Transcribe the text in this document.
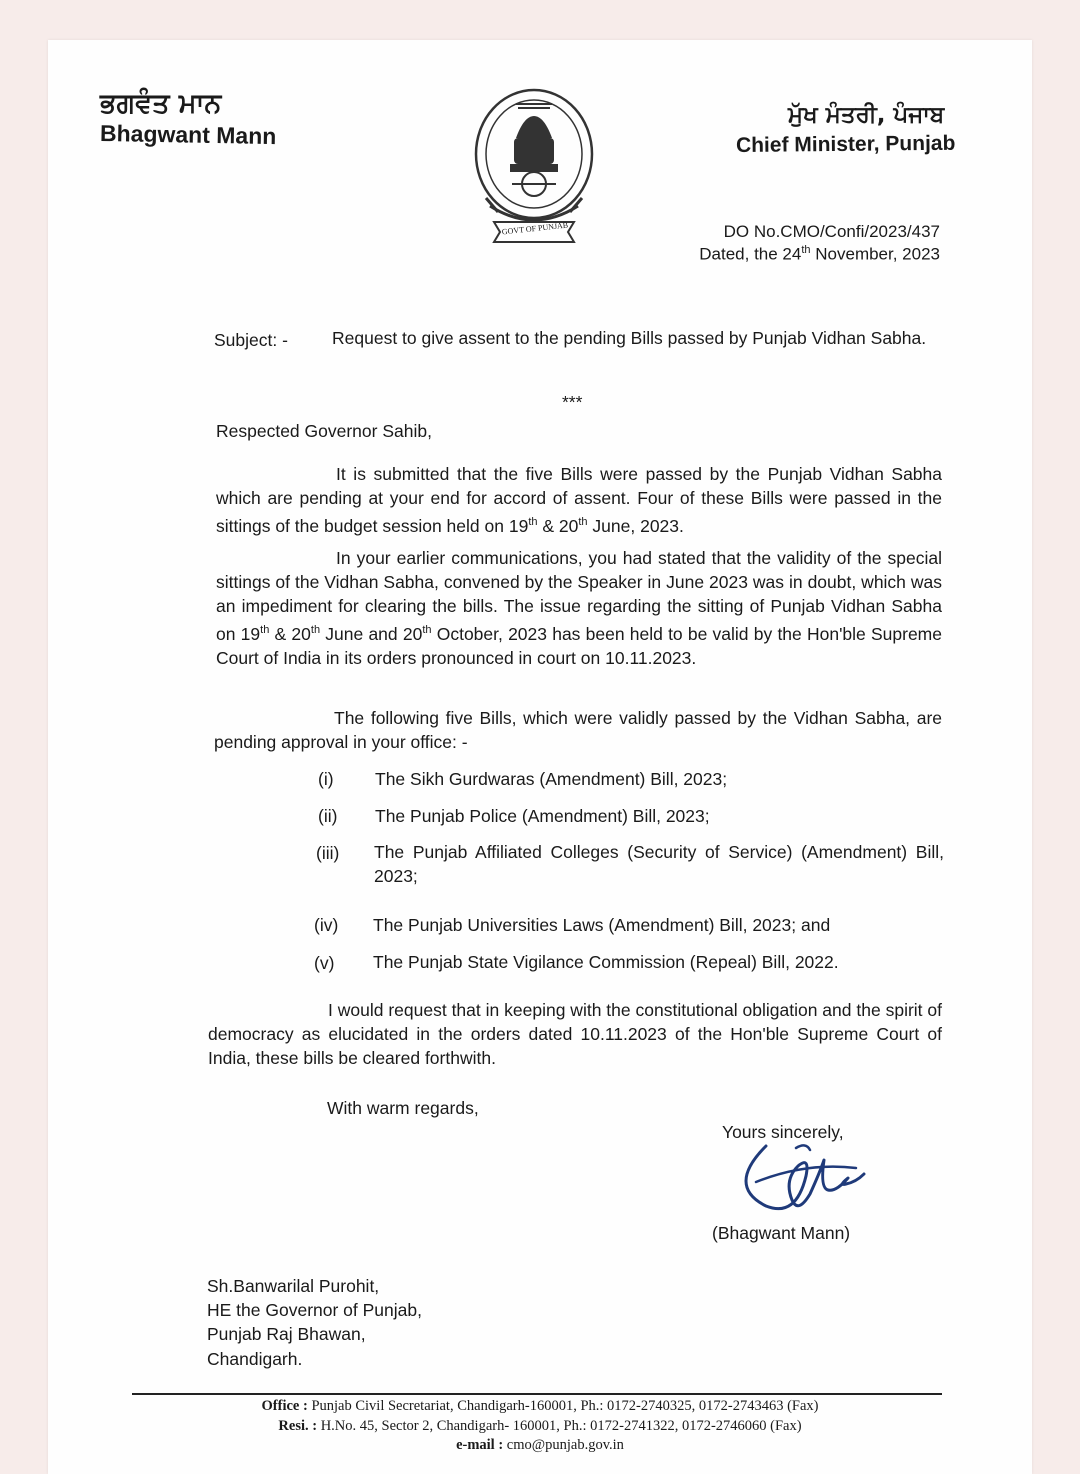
ਭਗਵੰਤ ਮਾਨ
Bhagwant Mann
GOVT OF PUNJAB
ਮੁੱਖ ਮੰਤਰੀ, ਪੰਜਾਬ
Chief Minister, Punjab
DO No.CMO/Confi/2023/437
Dated, the 24th November, 2023
Subject: -	Request to give assent to the pending Bills passed by Punjab Vidhan Sabha.
***
Respected Governor Sahib,
It is submitted that the five Bills were passed by the Punjab Vidhan Sabha which are pending at your end for accord of assent. Four of these Bills were passed in the sittings of the budget session held on 19th & 20th June, 2023.
In your earlier communications, you had stated that the validity of the special sittings of the Vidhan Sabha, convened by the Speaker in June 2023 was in doubt, which was an impediment for clearing the bills. The issue regarding the sitting of Punjab Vidhan Sabha on 19th & 20th June and 20th October, 2023 has been held to be valid by the Hon'ble Supreme Court of India in its orders pronounced in court on 10.11.2023.
The following five Bills, which were validly passed by the Vidhan Sabha, are pending approval in your office: -
(i) The Sikh Gurdwaras (Amendment) Bill, 2023;
(ii) The Punjab Police (Amendment) Bill, 2023;
(iii) The Punjab Affiliated Colleges (Security of Service) (Amendment) Bill, 2023;
(iv) The Punjab Universities Laws (Amendment) Bill, 2023; and
(v) The Punjab State Vigilance Commission (Repeal) Bill, 2022.
I would request that in keeping with the constitutional obligation and the spirit of democracy as elucidated in the orders dated 10.11.2023 of the Hon'ble Supreme Court of India, these bills be cleared forthwith.
With warm regards,
Yours sincerely,
(Bhagwant Mann)
Sh.Banwarilal Purohit,
HE the Governor of Punjab,
Punjab Raj Bhawan,
Chandigarh.
Office : Punjab Civil Secretariat, Chandigarh-160001, Ph.: 0172-2740325, 0172-2743463 (Fax)
Resi. : H.No. 45, Sector 2, Chandigarh- 160001, Ph.: 0172-2741322, 0172-2746060 (Fax)
e-mail : cmo@punjab.gov.in
